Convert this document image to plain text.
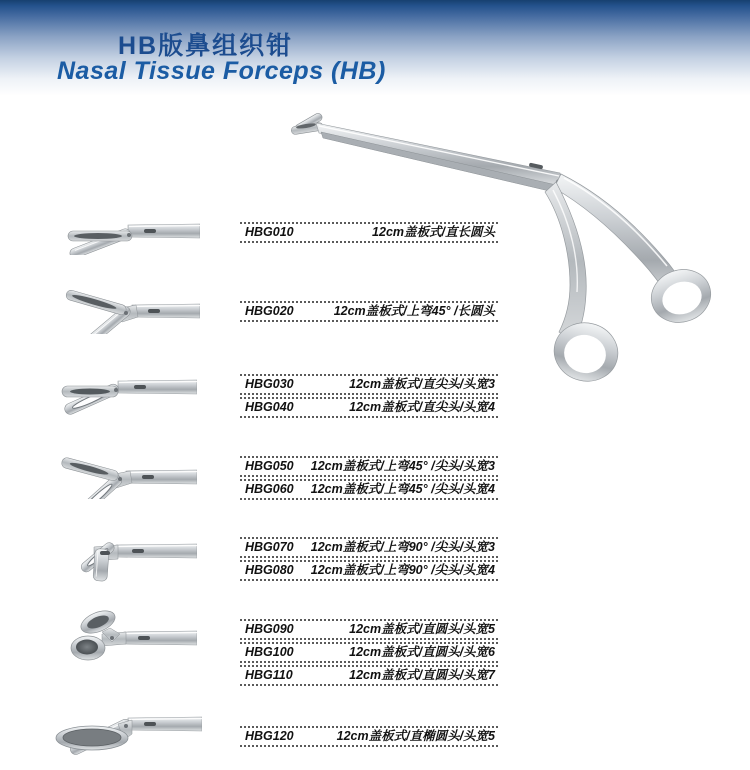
HB版鼻组织钳
Nasal Tissue Forceps (HB)
HBG010	12cm盖板式/直长圆头
HBG020	12cm盖板式/上弯45° /长圆头
HBG030	12cm盖板式/直尖头/头宽3
HBG040	12cm盖板式/直尖头/头宽4
HBG050 12cm盖板式/上弯45° /尖头/头宽3
HBG060 12cm盖板式/上弯45° /尖头/头宽4
HBG070 12cm盖板式/上弯90° /尖头/头宽3
HBG080 12cm盖板式/上弯90° /尖头/头宽4
HBG090	12cm盖板式/直圆头/头宽5
HBG100	12cm盖板式/直圆头/头宽6
HBG110	12cm盖板式/直圆头/头宽7
HBG120	12cm盖板式/直椭圆头/头宽5
